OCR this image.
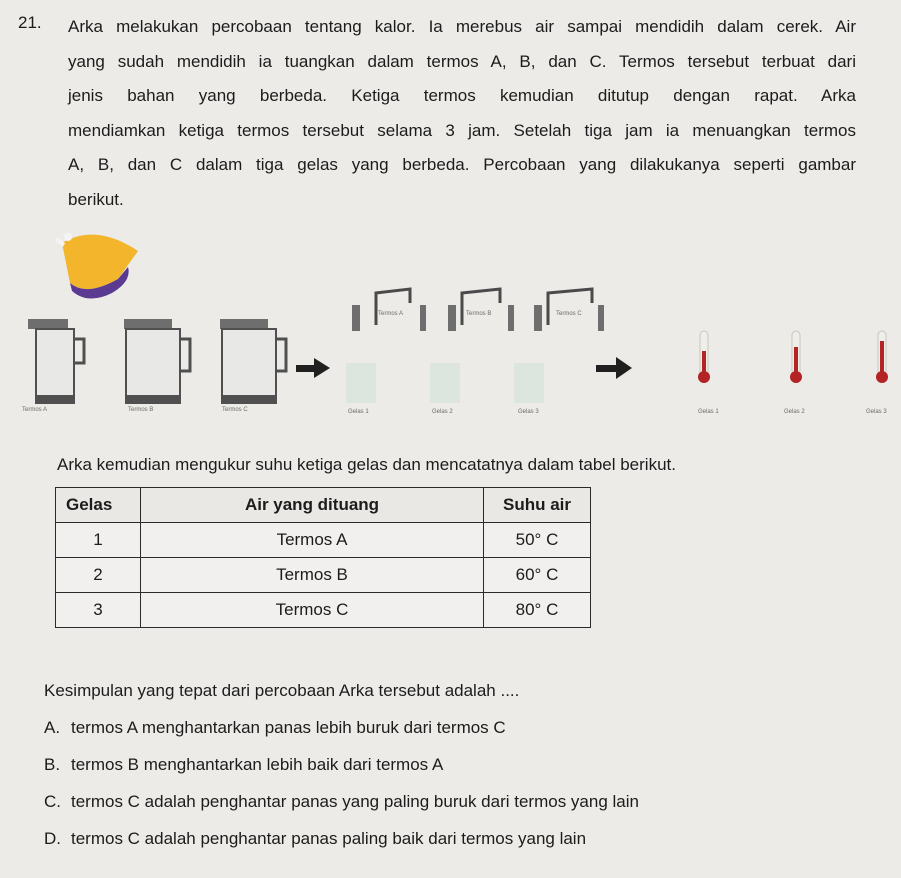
21. Arka melakukan percobaan tentang kalor. Ia merebus air sampai mendidih dalam cerek. Air
yang sudah mendidih ia tuangkan dalam termos A, B, dan C. Termos tersebut terbuat dari
jenis bahan yang berbeda. Ketiga termos kemudian ditutup dengan rapat. Arka
mendiamkan ketiga termos tersebut selama 3 jam. Setelah tiga jam ia menuangkan termos
A, B, dan C dalam tiga gelas yang berbeda. Percobaan yang dilakukanya seperti gambar
berikut.
Termos A	Termos B	Termos C
Termos A	Termos B	Termos C
Gelas 1	Gelas 2	Gelas 3	Gelas 1	Gelas 2	Gelas 3
Arka kemudian mengukur suhu ketiga gelas dan mencatatnya dalam tabel berikut.
Gelas	Air yang dituang	Suhu air
1	Termos A	50° C
2	Termos B	60° C
3	Termos C	80° C
Kesimpulan yang tepat dari percobaan Arka tersebut adalah ....
A. termos A menghantarkan panas lebih buruk dari termos C
B. termos B menghantarkan lebih baik dari termos A
C. termos C adalah penghantar panas yang paling buruk dari termos yang lain
D. termos C adalah penghantar panas paling baik dari termos yang lain
